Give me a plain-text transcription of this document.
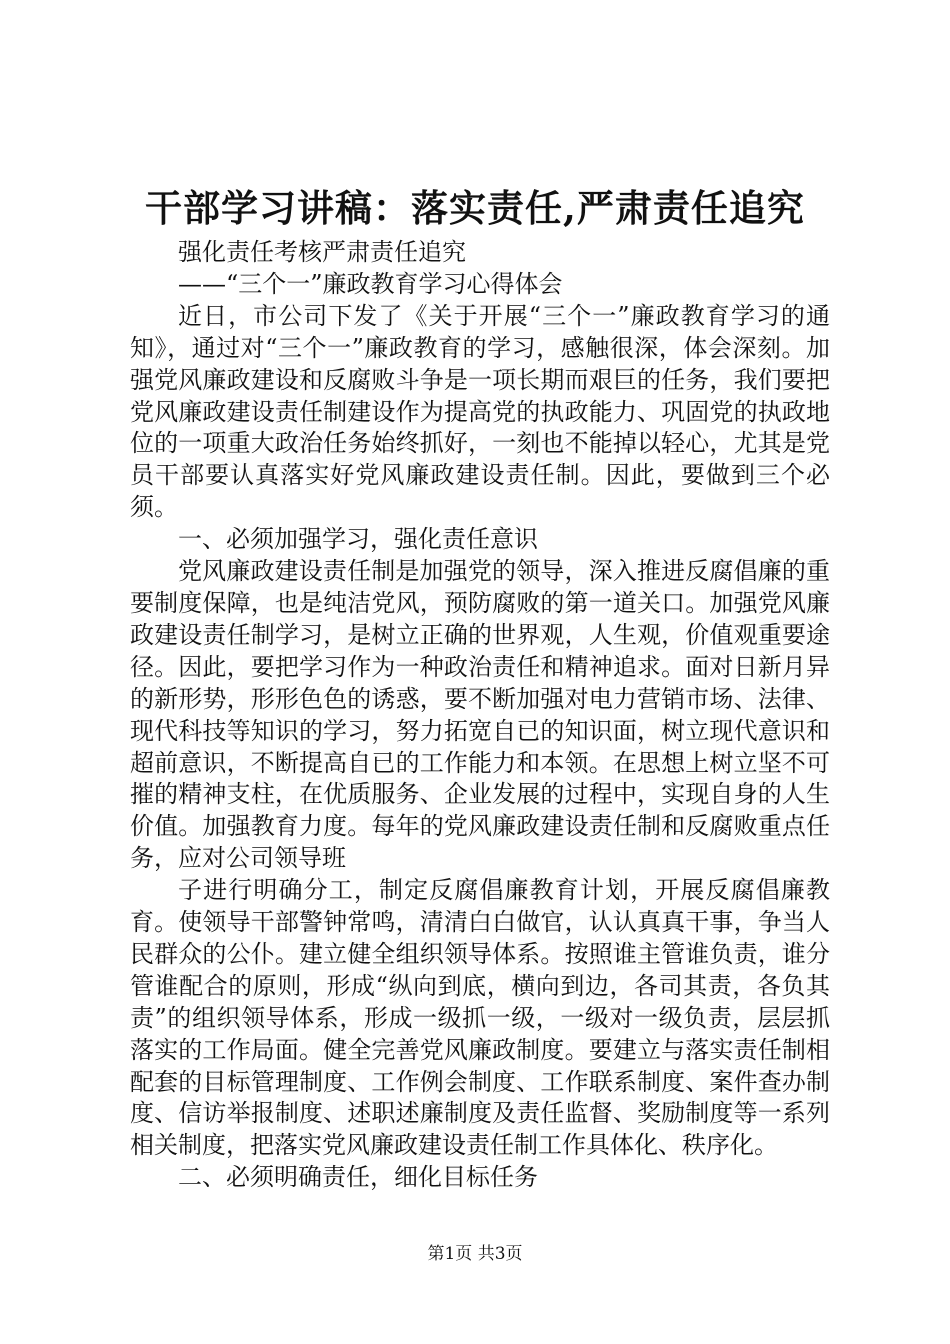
干部学习讲稿：落实责任,严肃责任追究

强化责任考核严肃责任追究

——“三个一”廉政教育学习心得体会

近日，市公司下发了《关于开展“三个一”廉政教育学习的通知》，通过对“三个一”廉政教育的学习，感触很深，体会深刻。加强党风廉政建设和反腐败斗争是一项长期而艰巨的任务，我们要把党风廉政建设责任制建设作为提高党的执政能力、巩固党的执政地位的一项重大政治任务始终抓好，一刻也不能掉以轻心，尤其是党员干部要认真落实好党风廉政建设责任制。因此，要做到三个必须。

一、必须加强学习，强化责任意识

党风廉政建设责任制是加强党的领导，深入推进反腐倡廉的重要制度保障，也是纯洁党风，预防腐败的第一道关口。加强党风廉政建设责任制学习，是树立正确的世界观，人生观，价值观重要途径。因此，要把学习作为一种政治责任和精神追求。面对日新月异的新形势，形形色色的诱惑，要不断加强对电力营销市场、法律、现代科技等知识的学习，努力拓宽自已的知识面，树立现代意识和超前意识，不断提高自已的工作能力和本领。在思想上树立坚不可摧的精神支柱，在优质服务、企业发展的过程中，实现自身的人生价值。加强教育力度。每年的党风廉政建设责任制和反腐败重点任务，应对公司领导班

子进行明确分工，制定反腐倡廉教育计划，开展反腐倡廉教育。使领导干部警钟常鸣，清清白白做官，认认真真干事，争当人民群众的公仆。建立健全组织领导体系。按照谁主管谁负责，谁分管谁配合的原则，形成“纵向到底，横向到边，各司其责，各负其责”的组织领导体系，形成一级抓一级，一级对一级负责，层层抓落实的工作局面。健全完善党风廉政制度。要建立与落实责任制相配套的目标管理制度、工作例会制度、工作联系制度、案件查办制度、信访举报制度、述职述廉制度及责任监督、奖励制度等一系列相关制度，把落实党风廉政建设责任制工作具体化、秩序化。

二、必须明确责任，细化目标任务

第1页 共3页
